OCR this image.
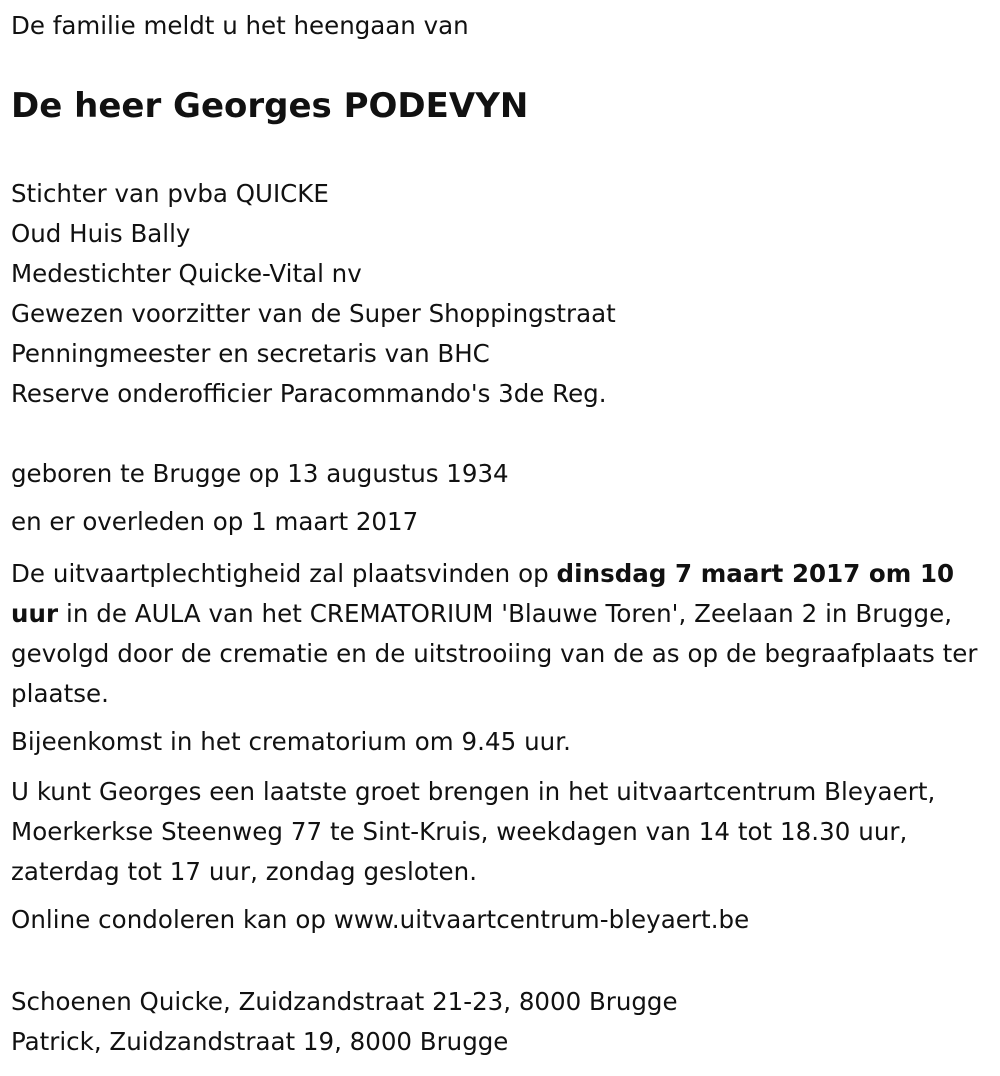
De familie meldt u het heengaan van

De heer Georges PODEVYN

Stichter van pvba QUICKE

Oud Huis Bally

Medestichter Quicke-Vital nv

Gewezen voorzitter van de Super Shoppingstraat

Penningmeester en secretaris van BHC

Reserve onderofficier Paracommando's 3de Reg.

geboren te Brugge op 13 augustus 1934

en er overleden op 1 maart 2017

De uitvaartplechtigheid zal plaatsvinden op dinsdag 7 maart 2017 om 10 uur in de AULA van het CREMATORIUM 'Blauwe Toren', Zeelaan 2 in Brugge, gevolgd door de crematie en de uitstrooiing van de as op de begraafplaats ter plaatse.

Bijeenkomst in het crematorium om 9.45 uur.

U kunt Georges een laatste groet brengen in het uitvaartcentrum Bleyaert, Moerkerkse Steenweg 77 te Sint-Kruis, weekdagen van 14 tot 18.30 uur, zaterdag tot 17 uur, zondag gesloten.

Online condoleren kan op www.uitvaartcentrum-bleyaert.be

Schoenen Quicke, Zuidzandstraat 21-23, 8000 Brugge

Patrick, Zuidzandstraat 19, 8000 Brugge
